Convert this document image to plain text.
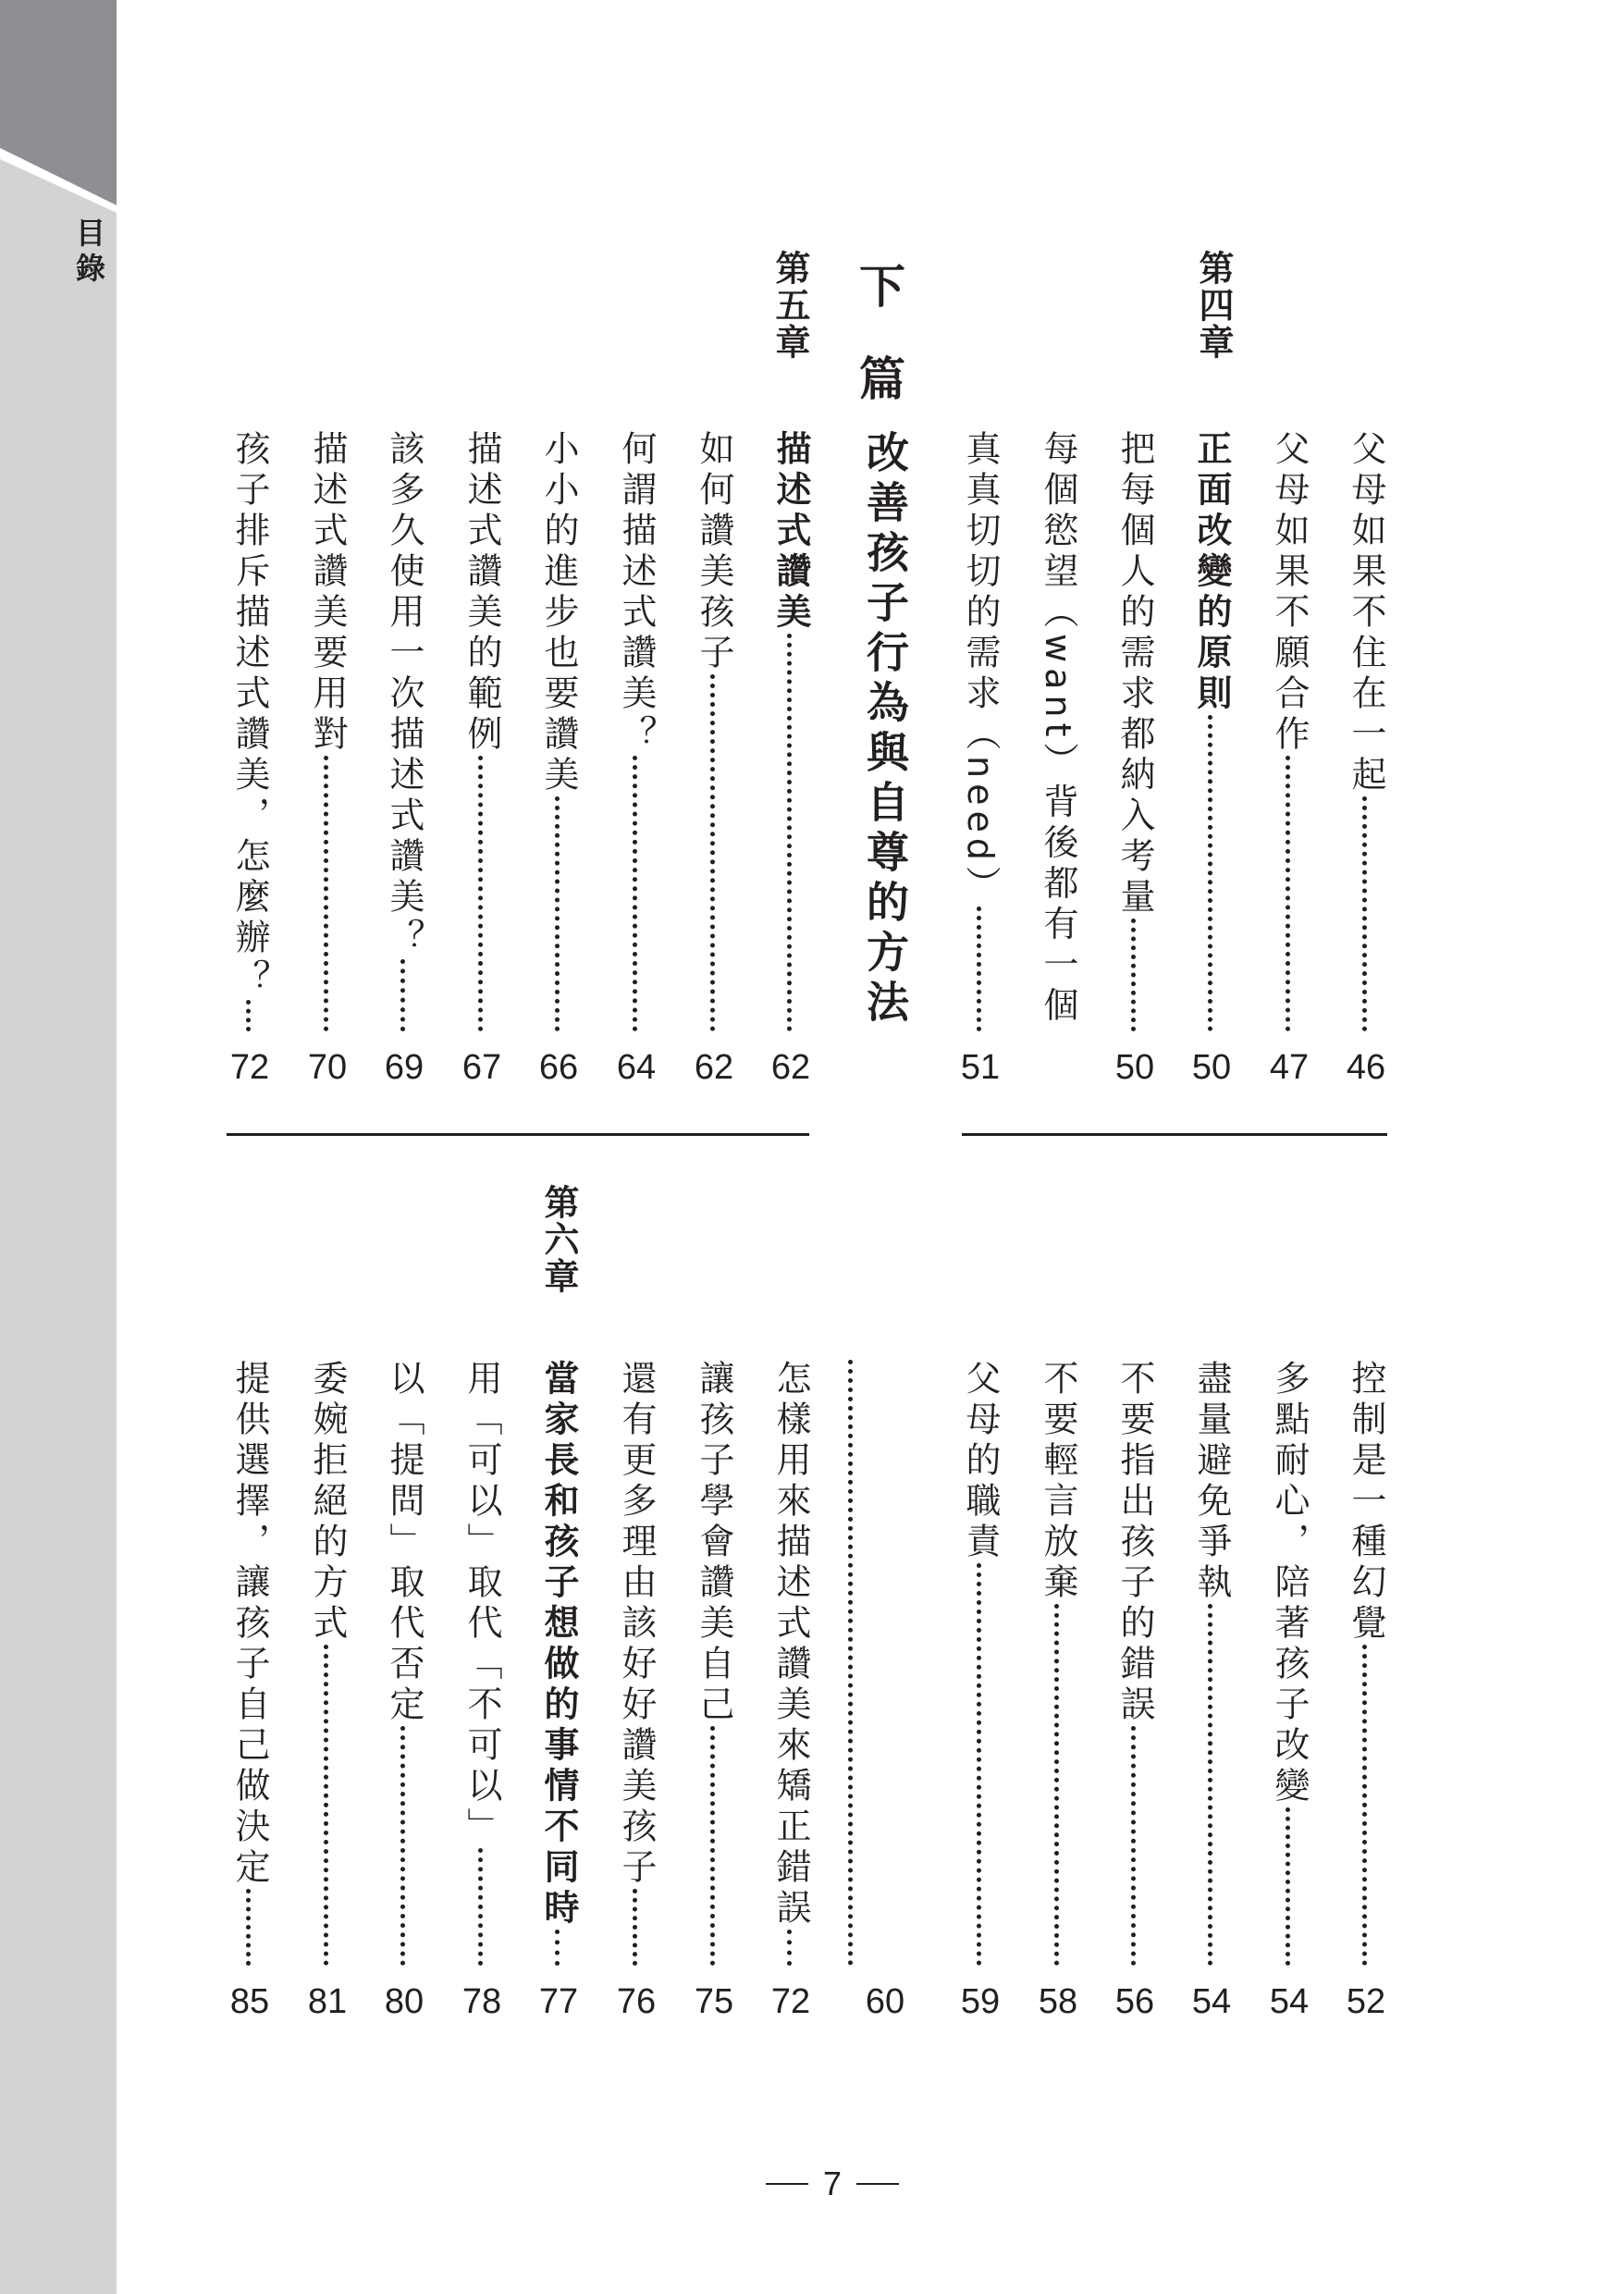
目錄
父母如果不住在一起
46
父母如果不願合作
47
正面改變的原則
50
把每個人的需求都納入考量
50
每個慾望（want）背後都有一個
真真切切的需求（need）
51
改善孩子行為與自尊的方法
描述式讚美
62
如何讚美孩子
62
何謂描述式讚美？
64
小小的進步也要讚美
66
描述式讚美的範例
67
該多久使用一次描述式讚美？
69
描述式讚美要用對
70
孩子排斥描述式讚美，怎麼辦？
72
控制是一種幻覺
52
多點耐心，陪著孩子改變
54
盡量避免爭執
54
不要指出孩子的錯誤
56
不要輕言放棄
58
父母的職責
59
60
怎樣用來描述式讚美來矯正錯誤
72
讓孩子學會讚美自己
75
還有更多理由該好好讚美孩子
76
當家長和孩子想做的事情不同時
77
用「可以」取代「不可以」
78
以「提問」取代否定
80
委婉拒絕的方式
81
提供選擇，讓孩子自己做決定
85
第四章
下
篇
第五章
第六章
7
